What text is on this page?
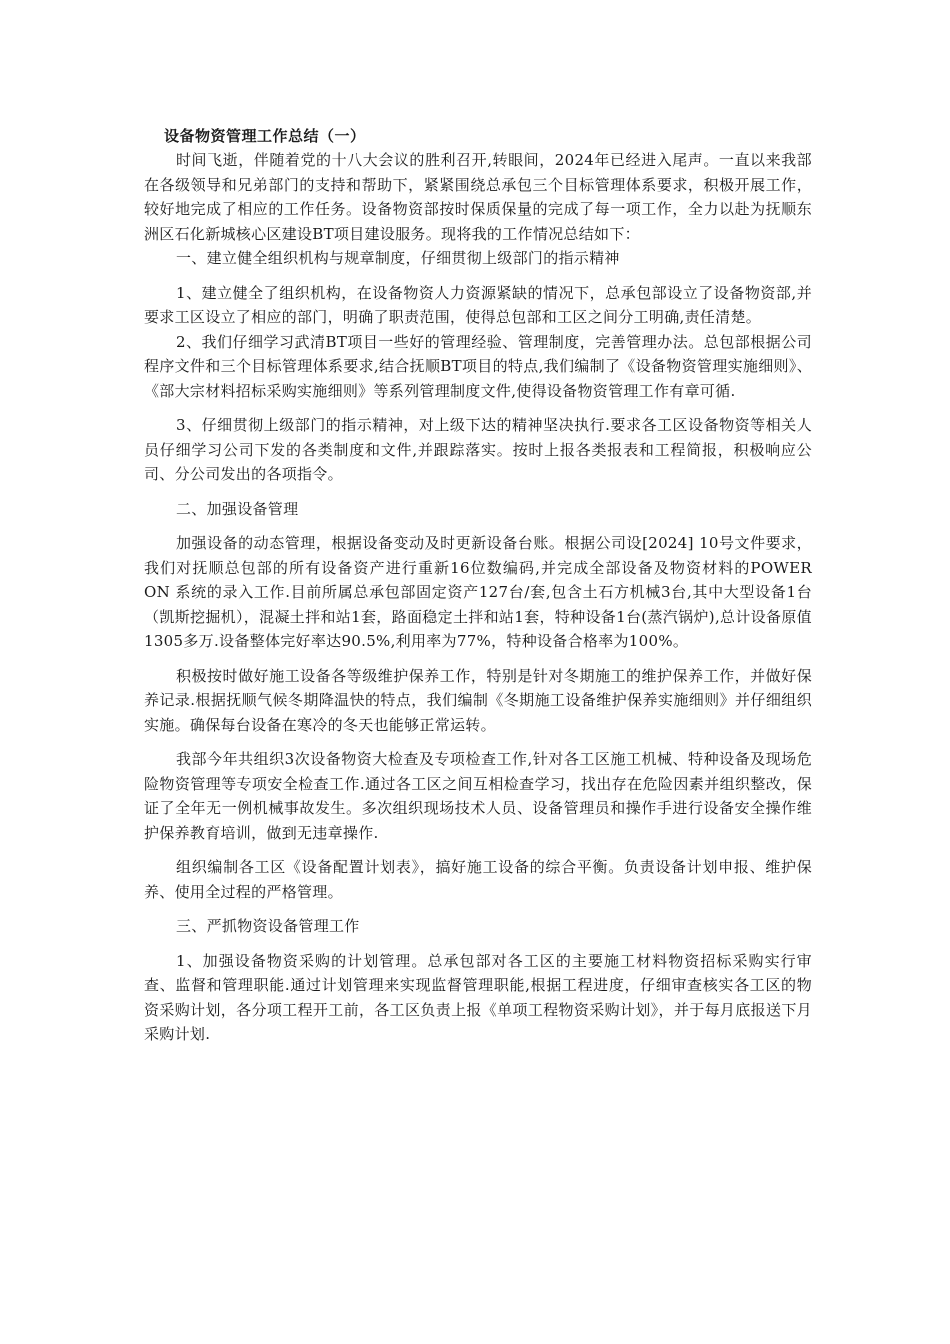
设备物资管理工作总结（一）

时间飞逝，伴随着党的十八大会议的胜利召开,转眼间，2024年已经进入尾声。一直以来我部在各级领导和兄弟部门的支持和帮助下，紧紧围绕总承包三个目标管理体系要求，积极开展工作，较好地完成了相应的工作任务。设备物资部按时保质保量的完成了每一项工作，全力以赴为抚顺东洲区石化新城核心区建设BT项目建设服务。现将我的工作情况总结如下：

一、建立健全组织机构与规章制度，仔细贯彻上级部门的指示精神

1、建立健全了组织机构，在设备物资人力资源紧缺的情况下，总承包部设立了设备物资部,并要求工区设立了相应的部门，明确了职责范围，使得总包部和工区之间分工明确,责任清楚。

2、我们仔细学习武清BT项目一些好的管理经验、管理制度，完善管理办法。总包部根据公司程序文件和三个目标管理体系要求,结合抚顺BT项目的特点,我们编制了《设备物资管理实施细则》、《部大宗材料招标采购实施细则》等系列管理制度文件,使得设备物资管理工作有章可循.

3、仔细贯彻上级部门的指示精神，对上级下达的精神坚决执行.要求各工区设备物资等相关人员仔细学习公司下发的各类制度和文件,并跟踪落实。按时上报各类报表和工程简报，积极响应公司、分公司发出的各项指令。

二、加强设备管理

加强设备的动态管理，根据设备变动及时更新设备台账。根据公司设[2024] 10号文件要求，我们对抚顺总包部的所有设备资产进行重新16位数编码,并完成全部设备及物资材料的POWER ON 系统的录入工作.目前所属总承包部固定资产127台/套,包含土石方机械3台,其中大型设备1台（凯斯挖掘机），混凝土拌和站1套，路面稳定土拌和站1套，特种设备1台(蒸汽锅炉),总计设备原值1305多万.设备整体完好率达90.5%,利用率为77%，特种设备合格率为100%。

积极按时做好施工设备各等级维护保养工作，特别是针对冬期施工的维护保养工作，并做好保养记录.根据抚顺气候冬期降温快的特点，我们编制《冬期施工设备维护保养实施细则》并仔细组织实施。确保每台设备在寒冷的冬天也能够正常运转。

我部今年共组织3次设备物资大检查及专项检查工作,针对各工区施工机械、特种设备及现场危险物资管理等专项安全检查工作.通过各工区之间互相检查学习，找出存在危险因素并组织整改，保证了全年无一例机械事故发生。多次组织现场技术人员、设备管理员和操作手进行设备安全操作维护保养教育培训，做到无违章操作.

组织编制各工区《设备配置计划表》，搞好施工设备的综合平衡。负责设备计划申报、维护保养、使用全过程的严格管理。

三、严抓物资设备管理工作

1、加强设备物资采购的计划管理。总承包部对各工区的主要施工材料物资招标采购实行审查、监督和管理职能.通过计划管理来实现监督管理职能,根据工程进度，仔细审查核实各工区的物资采购计划，各分项工程开工前，各工区负责上报《单项工程物资采购计划》，并于每月底报送下月采购计划.
